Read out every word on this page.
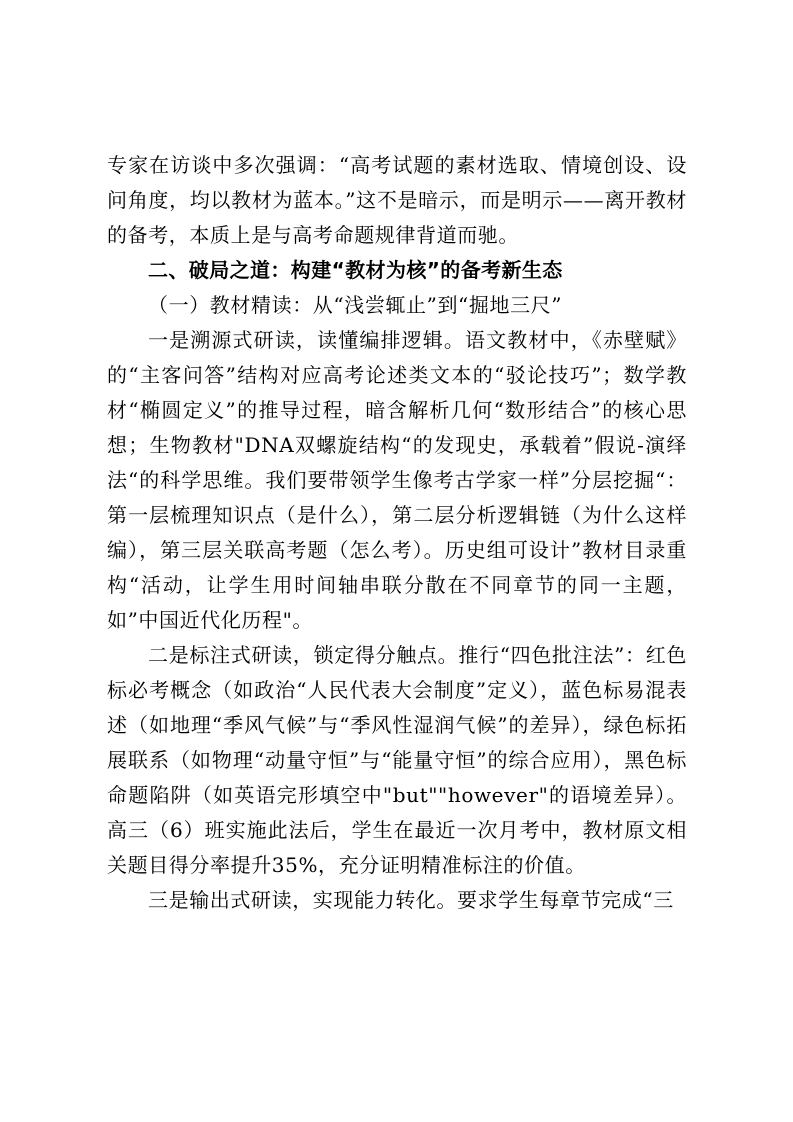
专家在访谈中多次强调：“高考试题的素材选取、情境创设、设问角度，均以教材为蓝本。”这不是暗示，而是明示——离开教材的备考，本质上是与高考命题规律背道而驰。

二、破局之道：构建“教材为核”的备考新生态

（一）教材精读：从“浅尝辄止”到“掘地三尺”

一是溯源式研读，读懂编排逻辑。语文教材中，《赤壁赋》的“主客问答”结构对应高考论述类文本的“驳论技巧”；数学教材“椭圆定义”的推导过程，暗含解析几何“数形结合”的核心思想；生物教材"DNA双螺旋结构“的发现史，承载着”假说-演绎法“的科学思维。我们要带领学生像考古学家一样”分层挖掘“：第一层梳理知识点（是什么），第二层分析逻辑链（为什么这样编），第三层关联高考题（怎么考）。历史组可设计”教材目录重构“活动，让学生用时间轴串联分散在不同章节的同一主题，如”中国近代化历程"。

二是标注式研读，锁定得分触点。推行“四色批注法”：红色标必考概念（如政治“人民代表大会制度”定义），蓝色标易混表述（如地理“季风气候”与“季风性湿润气候”的差异），绿色标拓展联系（如物理“动量守恒”与“能量守恒”的综合应用），黑色标命题陷阱（如英语完形填空中"but""however"的语境差异）。高三（6）班实施此法后，学生在最近一次月考中，教材原文相关题目得分率提升35%，充分证明精准标注的价值。

三是输出式研读，实现能力转化。要求学生每章节完成“三
